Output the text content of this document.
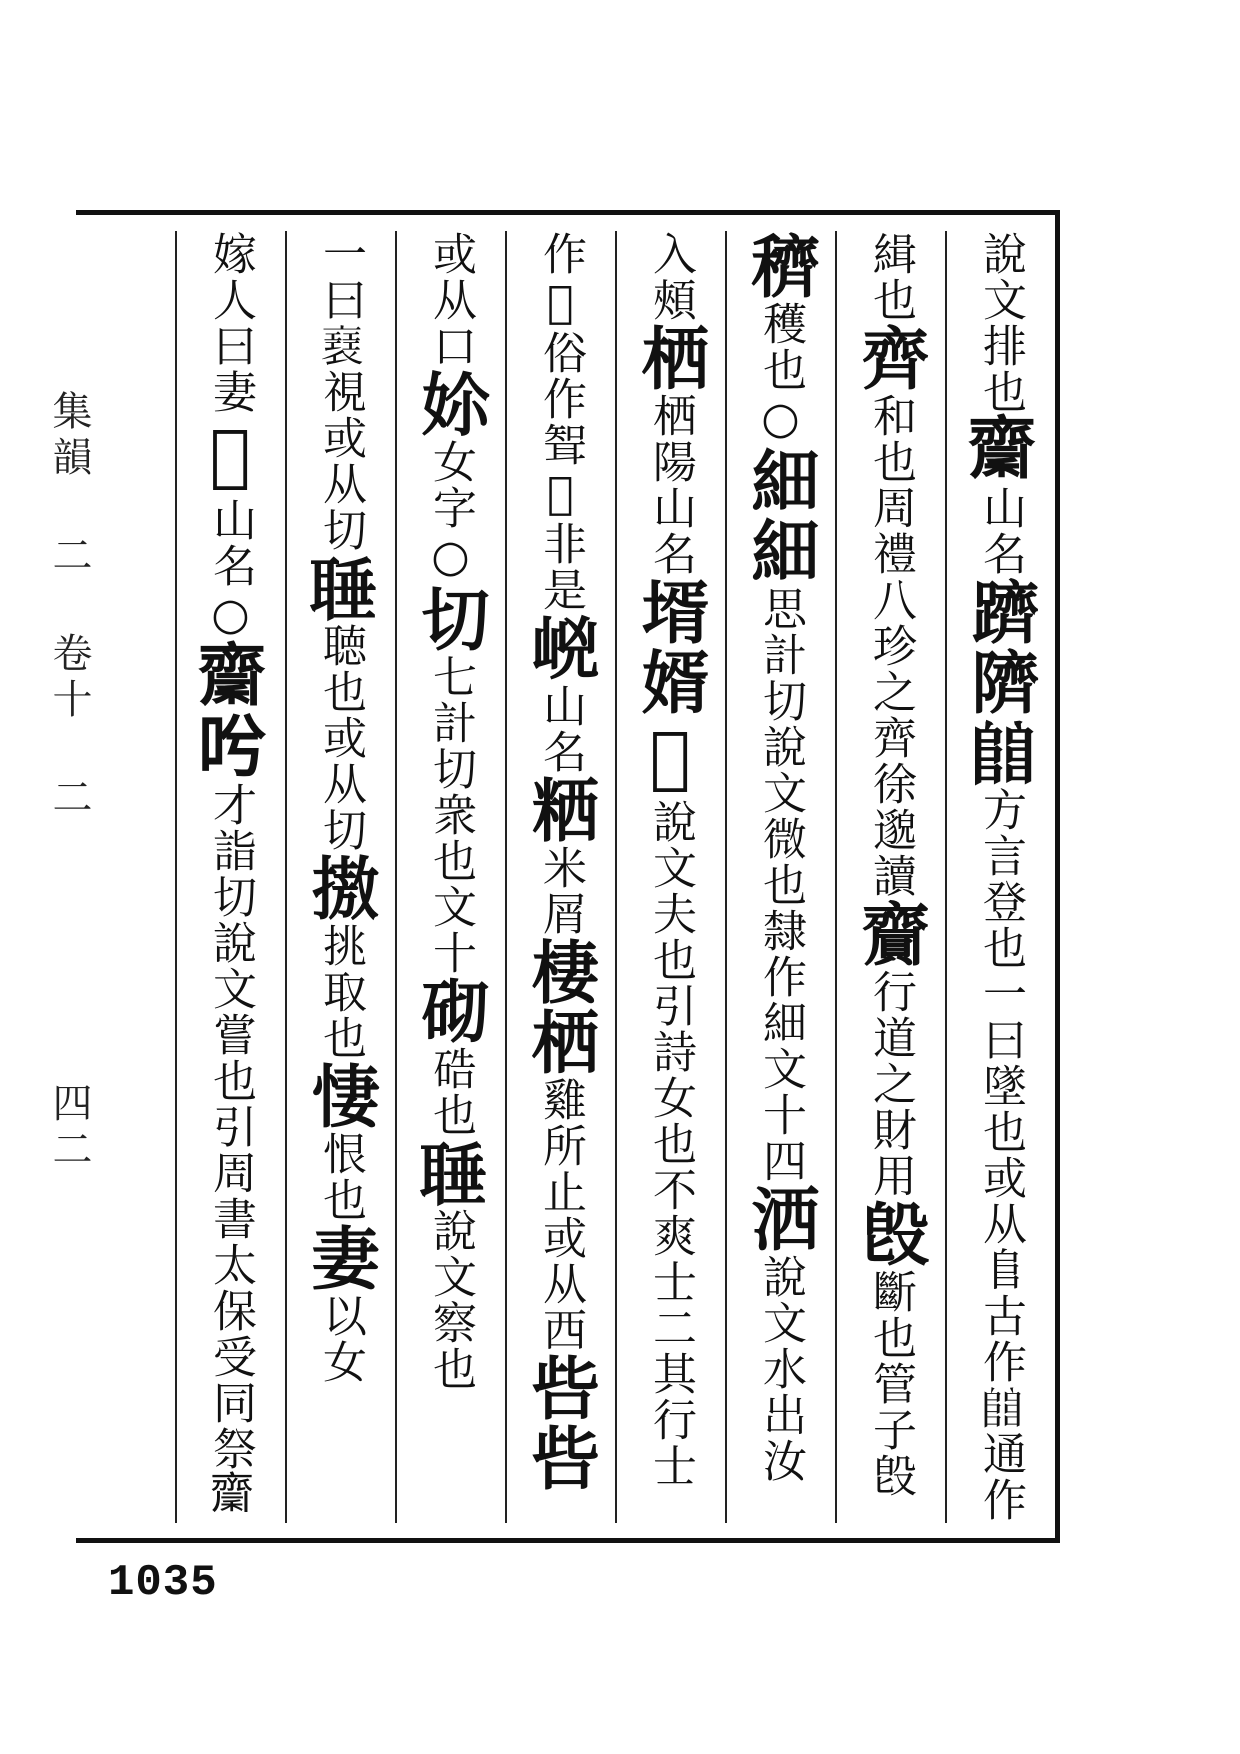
說文排也𪗉山名躋隮𨺅方言登也一曰墜也或从𨸏古作𨺅通作
緝也齊和也周禮八珍之齊徐邈讀齎行道之財用𣪘斷也管子𣪘
穧穫也○細細思計切說文微也隸作細文十四洒說文水出汝
入頰栖栖陽山名壻婿𡉤說文夫也引詩女也不爽士二其行士
作𡉤俗作聟𦔮非是㟅山名粞米屑棲栖雞所止或从西呰呰
或从口㚷女字○切七計切衆也文十砌硞也𦖋說文察也
一曰𧝑視或从切𦖋聴也或从切𢳆挑取也悽恨也妻以女
嫁人曰妻𥛓山名○𪗉𠯋才詣切說文嘗也引周書太保受同祭𪗉
集韻 二 卷十 二四二
1035
